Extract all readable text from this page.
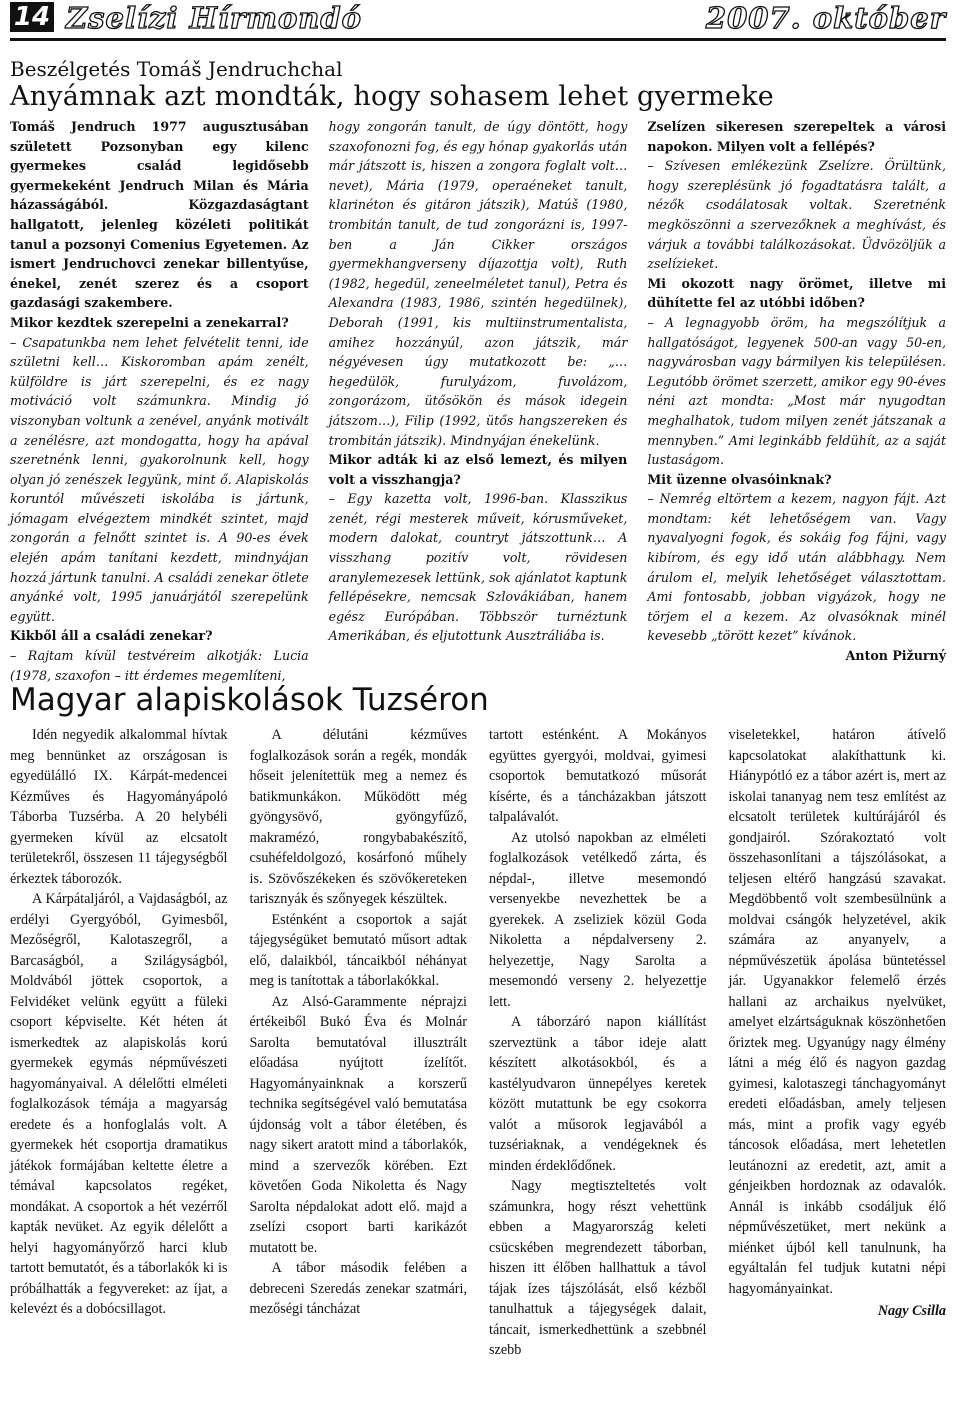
14 Zselízi Hírmondó	2007. október
Beszélgetés Tomáš Jendruchchal
Anyámnak azt mondták, hogy sohasem lehet gyermeke

Tomáš Jendruch 1977 augusztusában született Pozsonyban egy kilenc gyermekes család legidősebb gyermekeként Jendruch Milan és Mária házasságából. Közgazdaságtant hallgatott, jelenleg közéleti politikát tanul a pozsonyi Comenius Egyetemen. Az ismert Jendruchovci zenekar billentyűse, énekel, zenét szerez és a csoport gazdasági szakembere.

Mikor kezdtek szerepelni a zenekarral?

– Csapatunkba nem lehet felvételit tenni, ide születni kell… Kiskoromban apám zenélt, külföldre is járt szerepelni, és ez nagy motiváció volt számunkra. Mindig jó viszonyban voltunk a zenével, anyánk motivált a zenélésre, azt mondogatta, hogy ha apával szeretnénk lenni, gyakorolnunk kell, hogy olyan jó zenészek legyünk, mint ő. Alapiskolás koruntól művészeti iskolába is jártunk, jómagam elvégeztem mindkét szintet, majd zongorán a felnőtt szintet is. A 90-es évek elején apám tanítani kezdett, mindnyájan hozzá jártunk tanulni. A családi zenekar ötlete anyánké volt, 1995 januárjától szerepelünk együtt.

Kikből áll a családi zenekar?

– Rajtam kívül testvéreim alkotják: Lucia (1978, szaxofon – itt érdemes megemlíteni,

hogy zongorán tanult, de úgy döntött, hogy szaxofonozni fog, és egy hónap gyakorlás után már játszott is, hiszen a zongora foglalt volt… nevet), Mária (1979, operaéneket tanult, klarinéton és gitáron játszik), Matúš (1980, trombitán tanult, de tud zongorázni is, 1997-ben a Ján Cikker országos gyermekhangverseny díjazottja volt), Ruth (1982, hegedül, zeneelméletet tanul), Petra és Alexandra (1983, 1986, szintén hegedülnek), Deborah (1991, kis multiinstrumentalista, amihez hozzányúl, azon játszik, már négyévesen úgy mutatkozott be: „…hegedülök, furulyázom, fuvolázom, zongorázom, ütősökön és mások idegein játszom…), Filip (1992, ütős hangszereken és trombitán játszik). Mindnyájan énekelünk.

Mikor adták ki az első lemezt, és milyen volt a visszhangja?

– Egy kazetta volt, 1996-ban. Klasszikus zenét, régi mesterek műveit, kórusműveket, modern dalokat, countryt játszottunk… A visszhang pozitív volt, rövidesen aranylemezesek lettünk, sok ajánlatot kaptunk fellépésekre, nemcsak Szlovákiában, hanem egész Európában. Többször turnéztunk Amerikában, és eljutottunk Ausztráliába is.

Zselízen sikeresen szerepeltek a városi napokon. Milyen volt a fellépés?

– Szívesen emlékezünk Zselízre. Örültünk, hogy szereplésünk jó fogadtatásra talált, a nézők csodálatosak voltak. Szeretnénk megköszönni a szervezőknek a meghívást, és várjuk a további találkozásokat. Üdvözöljük a zselízieket.

Mi okozott nagy örömet, illetve mi dühítette fel az utóbbi időben?

– A legnagyobb öröm, ha megszólítjuk a hallgatóságot, legyenek 500-an vagy 50-en, nagyvárosban vagy bármilyen kis településen. Legutóbb örömet szerzett, amikor egy 90-éves néni azt mondta: „Most már nyugodtan meghalhatok, tudom milyen zenét játszanak a mennyben.” Ami leginkább feldühít, az a saját lustaságom.

Mit üzenne olvasóinknak?

– Nemrég eltörtem a kezem, nagyon fájt. Azt mondtam: két lehetőségem van. Vagy nyavalyogni fogok, és sokáig fog fájni, vagy kibírom, és egy idő után alábbhagy. Nem árulom el, melyik lehetőséget választottam. Ami fontosabb, jobban vigyázok, hogy ne törjem el a kezem. Az olvasóknak minél kevesebb „törött kezet” kívánok.

Anton Pižurný
Magyar alapiskolások Tuzséron

Idén negyedik alkalommal hívtak meg bennünket az országosan is egyedülálló IX. Kárpát-medencei Kézműves és Hagyományápoló Táborba Tuzsérba. A 20 helybéli gyermeken kívül az elcsatolt területekről, összesen 11 tájegységből érkeztek táborozók.

A Kárpátaljáról, a Vajdaságból, az erdélyi Gyergyóból, Gyimesből, Mezőségről, Kalotaszegről, a Barcaságból, a Szilágyságból, Moldvából jöttek csoportok, a Felvidéket velünk együtt a füleki csoport képviselte. Két héten át ismerkedtek az alapiskolás korú gyermekek egymás népművészeti hagyományaival. A délelőtti elméleti foglalkozások témája a magyarság eredete és a honfoglalás volt. A gyermekek hét csoportja dramatikus játékok formájában keltette életre a témával kapcsolatos regéket, mondákat. A csoportok a hét vezérről kapták nevüket. Az egyik délelőtt a helyi hagyományőrző harci klub tartott bemutatót, és a táborlakók ki is próbálhatták a fegyvereket: az íjat, a kelevézt és a dobócsillagot.

A délutáni kézműves foglalkozások során a regék, mondák hőseit jelenítettük meg a nemez és batikmunkákon. Működött még gyöngysövő, gyöngyfűző, makramézó, rongybabakészítő, csuhéfeldolgozó, kosárfonó műhely is. Szövőszékeken és szövőkereteken tarisznyák és szőnyegek készültek.

Esténként a csoportok a saját tájegységüket bemutató műsort adtak elő, dalaikból, táncaikból néhányat meg is tanítottak a táborlakókkal.

Az Alsó-Garammente néprajzi értékeiből Bukó Éva és Molnár Sarolta bemutatóval illusztrált előadása nyújtott ízelítőt. Hagyományainknak a korszerű technika segítségével való bemutatása újdonság volt a tábor életében, és nagy sikert aratott mind a táborlakók, mind a szervezők körében. Ezt követően Goda Nikoletta és Nagy Sarolta népdalokat adott elő. majd a zselízi csoport barti karikázót mutatott be.

A tábor második felében a debreceni Szeredás zenekar szatmári, mezőségi táncházat

tartott esténként. A Mokányos együttes gyergyói, moldvai, gyimesi csoportok bemutatkozó műsorát kísérte, és a táncházakban játszott talpalávalót.

Az utolsó napokban az elméleti foglalkozások vetélkedő zárta, és népdal-, illetve mesemondó versenyekbe nevezhettek be a gyerekek. A zseliziek közül Goda Nikoletta a népdalverseny 2. helyezettje, Nagy Sarolta a mesemondó verseny 2. helyezettje lett.

A táborzáró napon kiállítást szerveztünk a tábor ideje alatt készített alkotásokból, és a kastélyudvaron ünnepélyes keretek között mutattunk be egy csokorra valót a műsorok legjavából a tuzsériaknak, a vendégeknek és minden érdeklődőnek.

Nagy megtiszteltetés volt számunkra, hogy részt vehettünk ebben a Magyarország keleti csücskében megrendezett táborban, hiszen itt élőben hallhattuk a távol tájak ízes tájszólását, első kézből tanulhattuk a tájegységek dalait, táncait, ismerkedhettünk a szebbnél szebb

viseletekkel, határon átívelő kapcsolatokat alakíthattunk ki. Hiánypótló ez a tábor azért is, mert az iskolai tananyag nem tesz említést az elcsatolt területek kultúrájáról és gondjairól. Szórakoztató volt összehasonlítani a tájszólásokat, a teljesen eltérő hangzású szavakat. Megdöbbentő volt szembesülnünk a moldvai csángók helyzetével, akik számára az anyanyelv, a népművészetük ápolása büntetéssel jár. Ugyanakkor felemelő érzés hallani az archaikus nyelvüket, amelyet elzártságuknak köszönhetően őriztek meg. Ugyanúgy nagy élmény látni a még élő és nagyon gazdag gyimesi, kalotaszegi tánchagyományt eredeti előadásban, amely teljesen más, mint a profik vagy egyéb táncosok előadása, mert lehetetlen leutánozni az eredetit, azt, amit a génjeikben hordoznak az odavalók. Annál is inkább csodáljuk élő népművészetüket, mert nekünk a miénket újból kell tanulnunk, ha egyáltalán fel tudjuk kutatni népi hagyományainkat.

Nagy Csilla
